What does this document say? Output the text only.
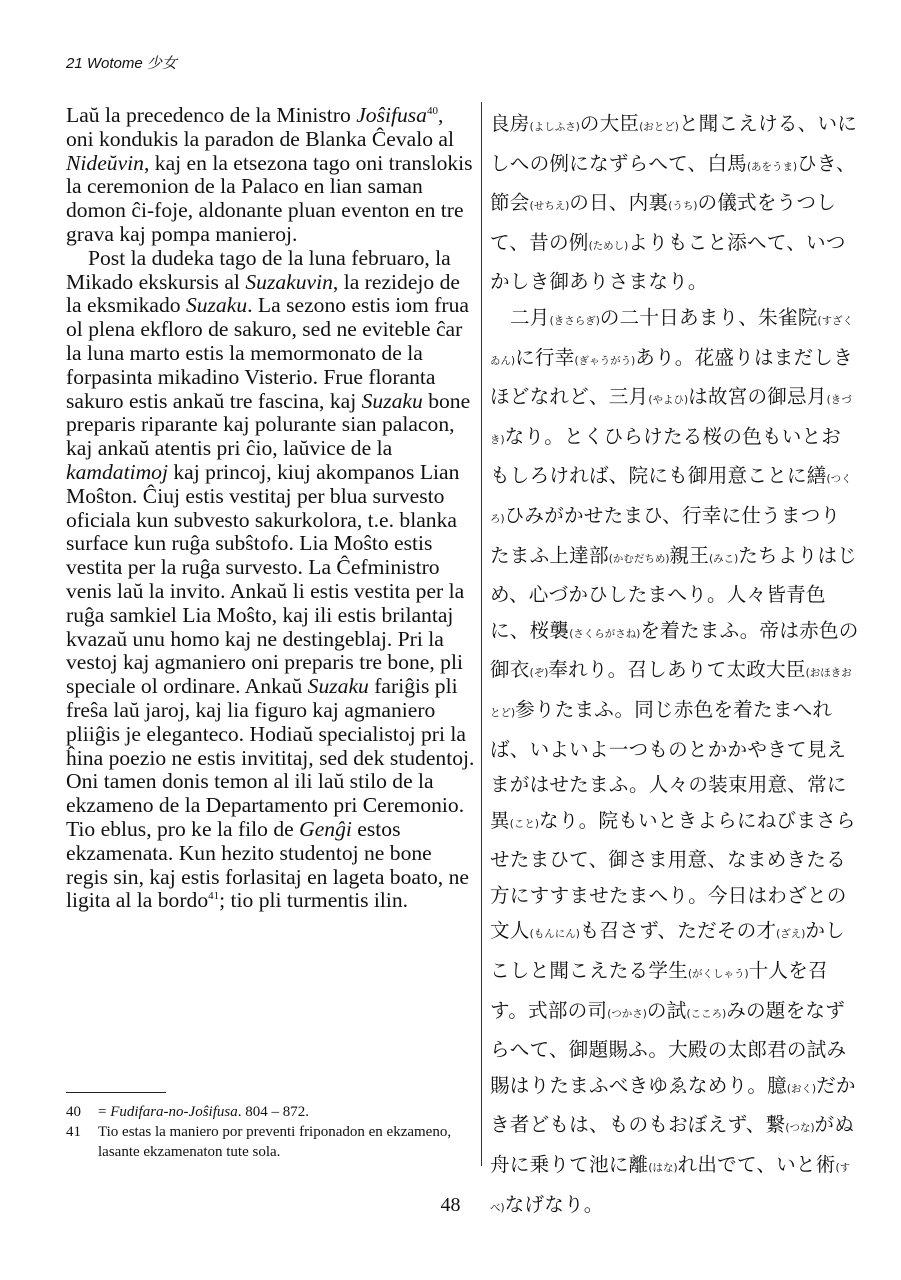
21 Wotome 少女

Laŭ la precedenco de la Ministro Joŝifusa$^{40}$, oni kondukis la paradon de Blanka Ĉevalo al Nideŭvin, kaj en la etsezona tago oni translokis la ceremonion de la Palaco en lian saman domon ĉi-foje, aldonante pluan eventon en tre grava kaj pompa manieroj.

Post la dudeka tago de la luna februaro, la Mikado ekskursis al Suzakuvin, la rezidejo de la eksmikado Suzaku. La sezono estis iom frua ol plena ekfloro de sakuro, sed ne eviteble ĉar la luna marto estis la memormonato de la forpasinta mikadino Visterio. Frue floranta sakuro estis ankaŭ tre fascina, kaj Suzaku bone preparis riparante kaj polurante sian palacon, kaj ankaŭ atentis pri ĉio, laŭvice de la kamdatimoj kaj princoj, kiuj akompanos Lian Moŝton. Ĉiuj estis vestitaj per blua survesto oficiala kun subvesto sakurkolora, t.e. blanka surface kun ruĝa subŝtofo. Lia Moŝto estis vestita per la ruĝa survesto. La Ĉefministro venis laŭ la invito. Ankaŭ li estis vestita per la ruĝa samkiel Lia Moŝto, kaj ili estis brilantaj kvazaŭ unu homo kaj ne destingeblaj. Pri la vestoj kaj agmaniero oni preparis tre bone, pli speciale ol ordinare. Ankaŭ Suzaku fariĝis pli freŝa laŭ jaroj, kaj lia figuro kaj agmaniero pliiĝis je eleganteco. Hodiaŭ specialistoj pri la ĥina poezio ne estis invititaj, sed dek studentoj. Oni tamen donis temon al ili laŭ stilo de la ekzameno de la Departamento pri Ceremonio. Tio eblus, pro ke la filo de Genĝi estos ekzamenata. Kun hezito studentoj ne bone regis sin, kaj estis forlasitaj en lageta boato, ne ligita al la bordo$^{41}$; tio pli turmentis ilin.

良房(よしふさ)の大臣(おとど)と聞こえける、いにしへの例になずらへて、白馬(あをうま)ひき、節会(せちえ)の日、内裏(うち)の儀式をうつして、昔の例(ためし)よりもこと添へて、いつかしき御ありさまなり。

二月(きさらぎ)の二十日あまり、朱雀院(すざくゐん)に行幸(ぎゃうがう)あり。花盛りはまだしきほどなれど、三月(やよひ)は故宮の御忌月(きづき)なり。とくひらけたる桜の色もいとおもしろければ、院にも御用意ことに繕(つくろ)ひみがかせたまひ、行幸に仕うまつりたまふ上達部(かむだちめ)親王(みこ)たちよりはじめ、心づかひしたまへり。人々皆青色に、桜襲(さくらがさね)を着たまふ。帝は赤色の御衣(ぞ)奉れり。召しありて太政大臣(おほきおとど)参りたまふ。同じ赤色を着たまへれば、いよいよ一つものとかかやきて見えまがはせたまふ。人々の装束用意、常に異(こと)なり。院もいときよらにねびまさらせたまひて、御さま用意、なまめきたる方にすすませたまへり。今日はわざとの文人(もんにん)も召さず、ただその才(ざえ)かしこしと聞こえたる学生(がくしゃう)十人を召す。式部の司(つかさ)の試(こころ)みの題をなずらへて、御題賜ふ。大殿の太郎君の試み賜はりたまふべきゆゑなめり。臆(おく)だかき者どもは、ものもおぼえず、繋(つな)がぬ舟に乗りて池に離(はな)れ出でて、いと術(すべ)なげなり。

40	= Fudifara-no-Joŝifusa. 804 – 872.
41	Tio estas la maniero por preventi friponadon en ekzameno, lasante ekzamenaton tute sola.
48
